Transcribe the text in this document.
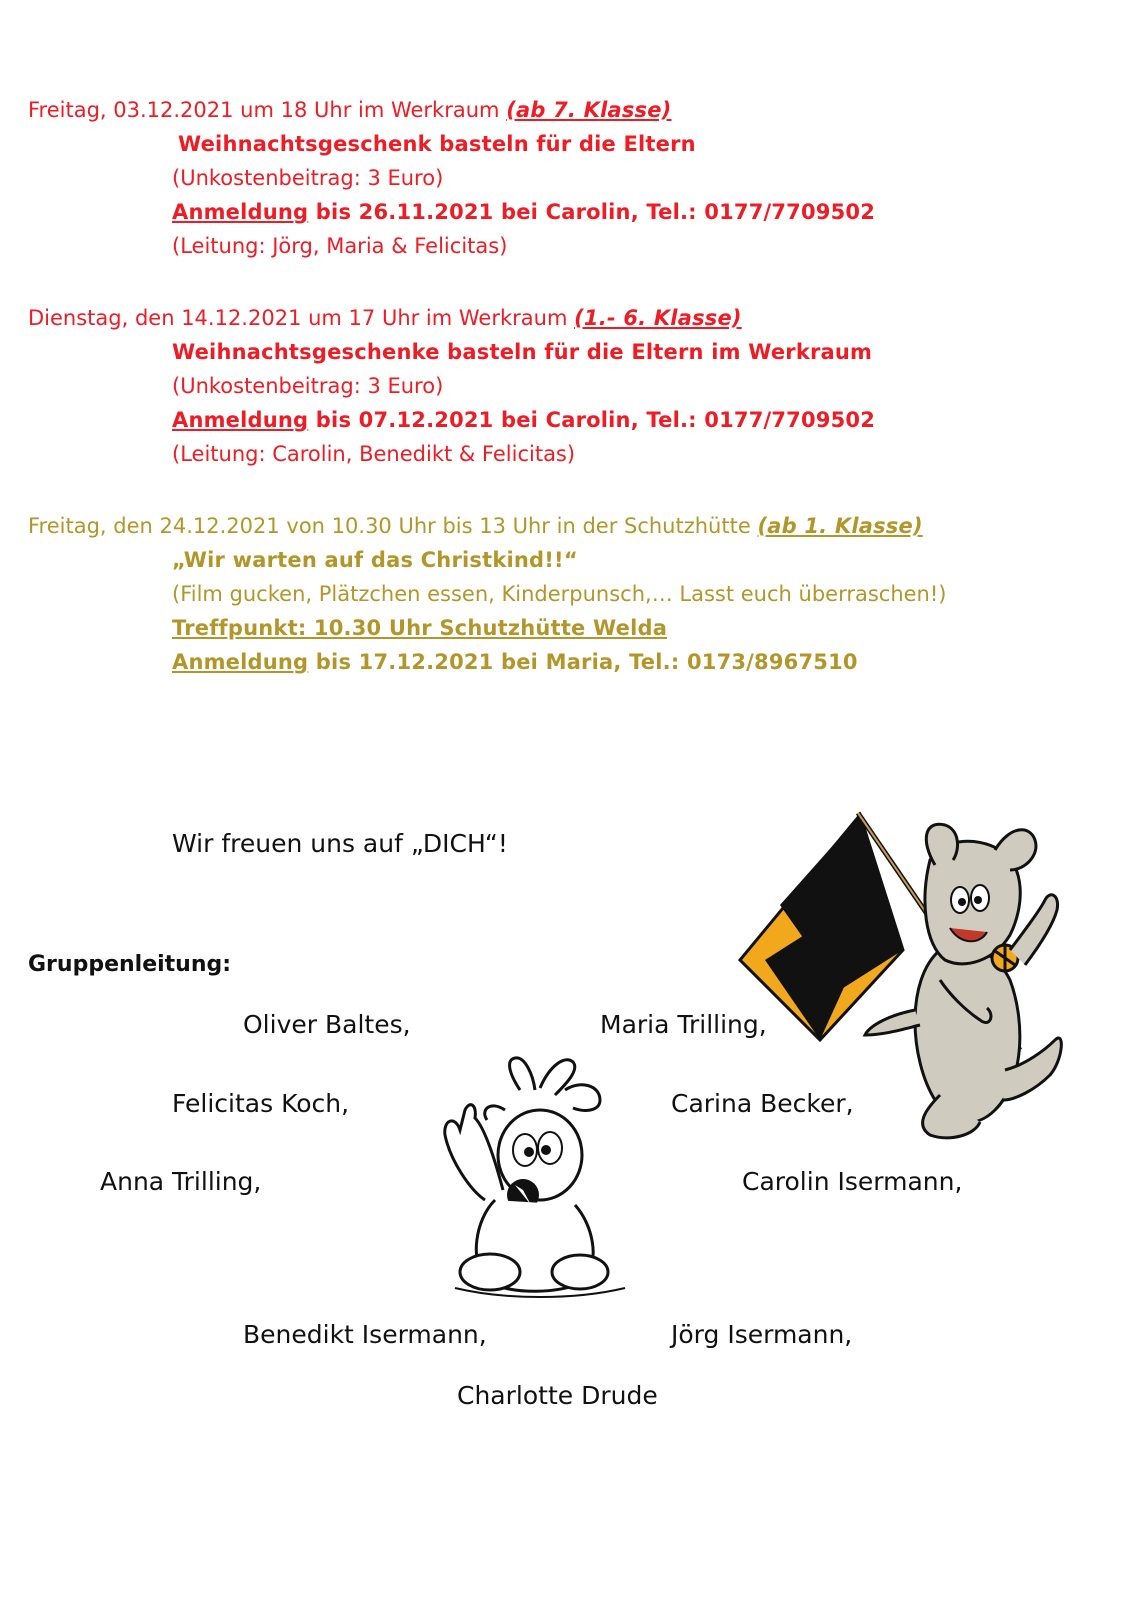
Freitag, 03.12.2021 um 18 Uhr im Werkraum (ab 7. Klasse)
Weihnachtsgeschenk basteln für die Eltern
(Unkostenbeitrag: 3 Euro)
Anmeldung bis 26.11.2021 bei Carolin, Tel.: 0177/7709502
(Leitung: Jörg, Maria & Felicitas)
Dienstag, den 14.12.2021 um 17 Uhr im Werkraum (1.- 6. Klasse)
Weihnachtsgeschenke basteln für die Eltern im Werkraum
(Unkostenbeitrag: 3 Euro)
Anmeldung bis 07.12.2021 bei Carolin, Tel.: 0177/7709502
(Leitung: Carolin, Benedikt & Felicitas)
Freitag, den 24.12.2021 von 10.30 Uhr bis 13 Uhr in der Schutzhütte (ab 1. Klasse)
„Wir warten auf das Christkind!!“
(Film gucken, Plätzchen essen, Kinderpunsch,… Lasst euch überraschen!)
Treffpunkt: 10.30 Uhr Schutzhütte Welda
Anmeldung bis 17.12.2021 bei Maria, Tel.: 0173/8967510
Wir freuen uns auf „DICH“!
Gruppenleitung:
Oliver Baltes,	Maria Trilling,
Felicitas Koch,	Carina Becker,
Anna Trilling,	Carolin Isermann,
Benedikt Isermann,	Jörg Isermann,
Charlotte Drude
